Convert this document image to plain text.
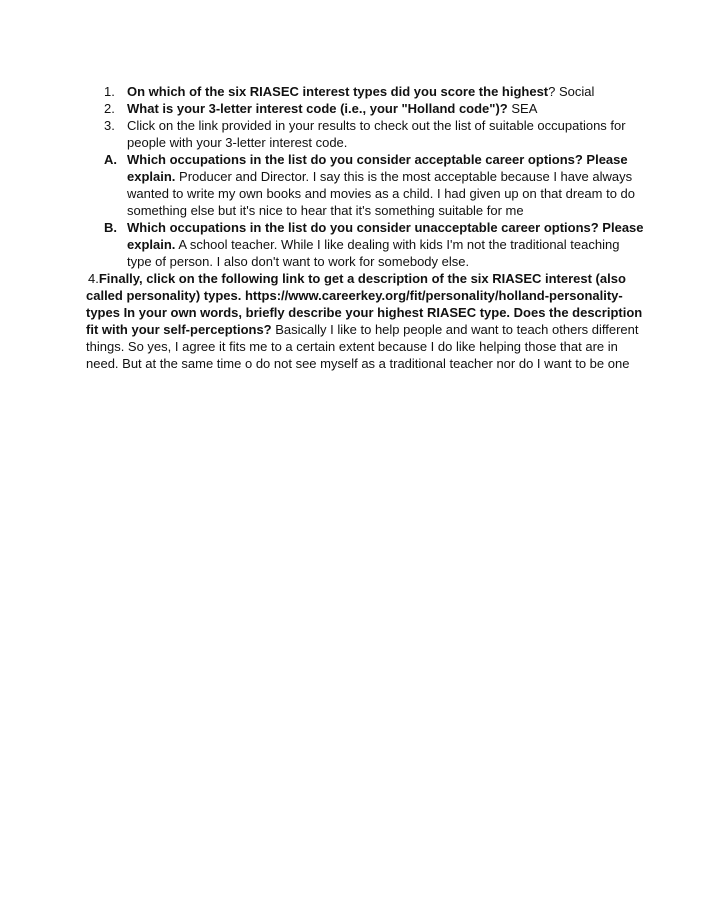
1. On which of the six RIASEC interest types did you score the highest? Social
2. What is your 3-letter interest code (i.e., your "Holland code")? SEA
3. Click on the link provided in your results to check out the list of suitable occupations for people with your 3-letter interest code.
A. Which occupations in the list do you consider acceptable career options? Please explain. Producer and Director. I say this is the most acceptable because I have always wanted to write my own books and movies as a child. I had given up on that dream to do something else but it's nice to hear that it's something suitable for me
B. Which occupations in the list do you consider unacceptable career options? Please explain. A school teacher. While I like dealing with kids I'm not the traditional teaching type of person. I also don't want to work for somebody else.
4.Finally, click on the following link to get a description of the six RIASEC interest (also called personality) types. https://www.careerkey.org/fit/personality/holland-personality-types In your own words, briefly describe your highest RIASEC type. Does the description fit with your self-perceptions? Basically I like to help people and want to teach others different things. So yes, I agree it fits me to a certain extent because I do like helping those that are in need. But at the same time o do not see myself as a traditional teacher nor do I want to be one
